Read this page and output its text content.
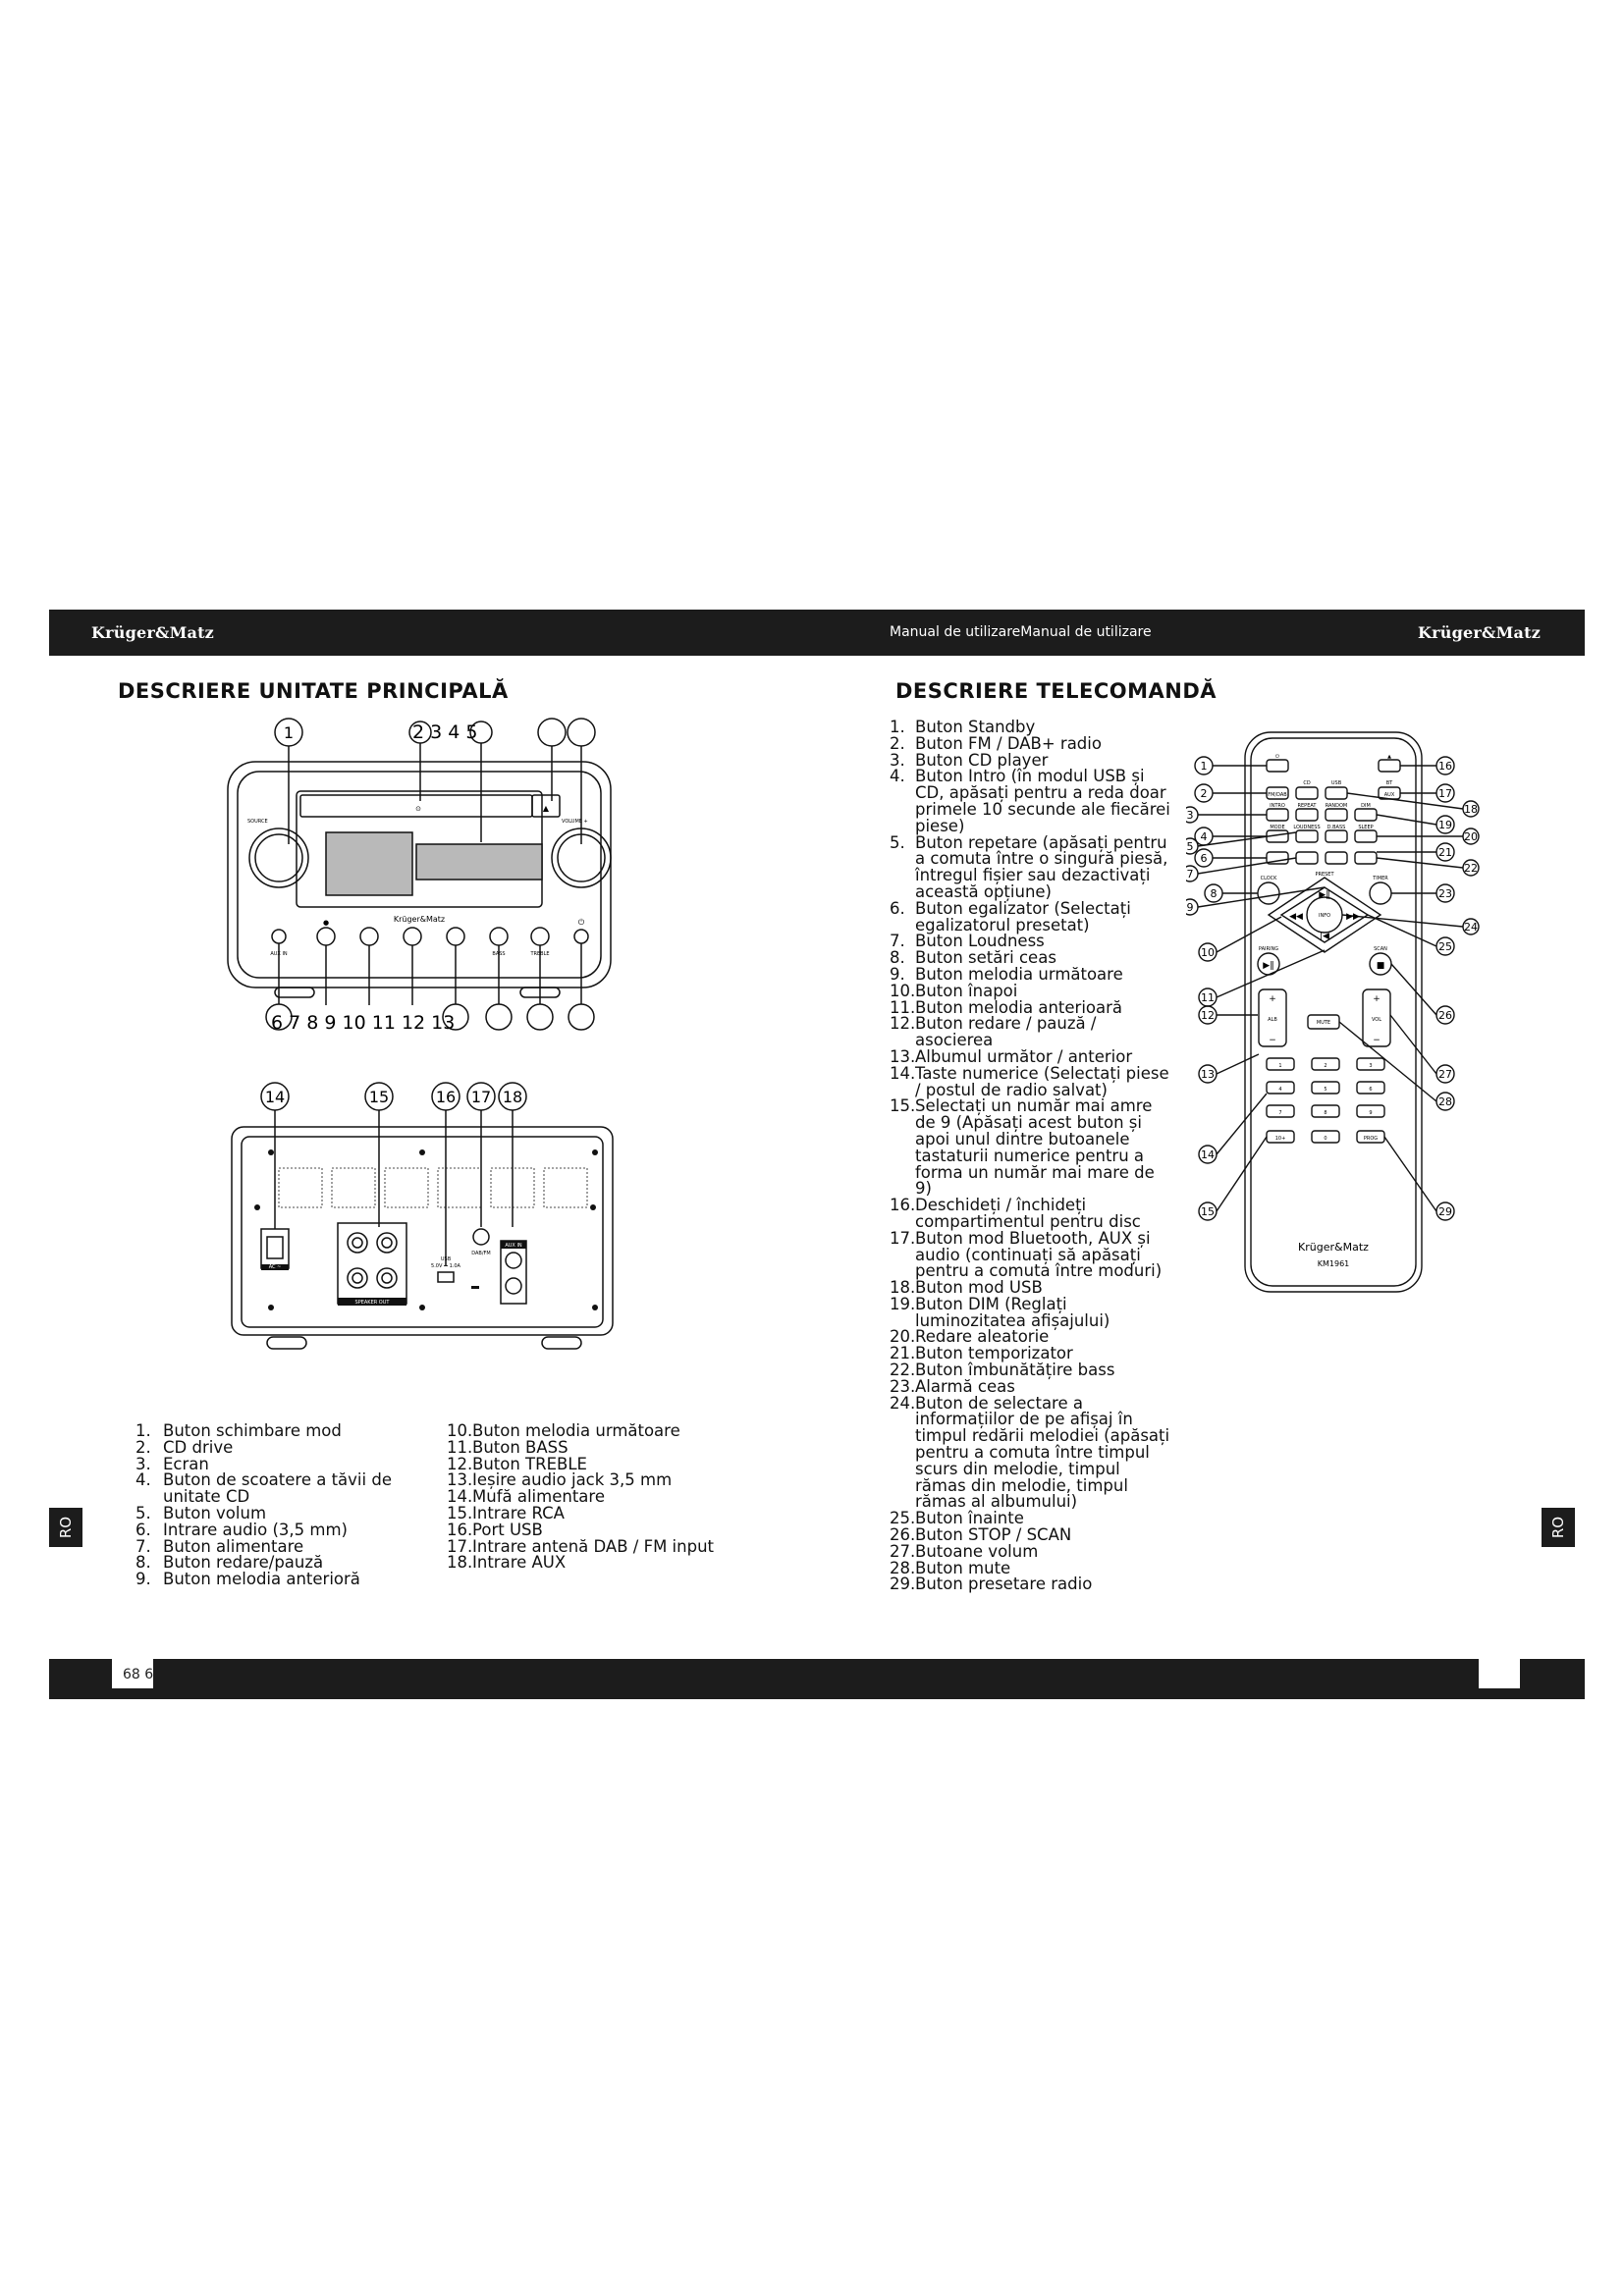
Krüger&Matz	Manual de utilizareManual de utilizare	Krüger&Matz
DESCRIERE UNITATE PRINCIPALĂ	DESCRIERE TELECOMANDĂ
1	2 3 4 5
6 7 8 9 10 11 12 13
SOURCE	VOLUME +
Krüger&Matz
AUX IN	BASS	TREBLE
⊙	▲
●	⏻
14	15	16 17 18
AC ~
SPEAKER OUT
USB
5.0V ⎓ 1.0A
DAB/FM
AUX IN
1
2
3
4
5
6
7
8
9
10
11
12
13
14
15
16
17
18
19
20
21
22
23
24
25
26
27
28
29
⏻	▲
FM/DAB
CD	USB	BT
AUX
INTRO	REPEAT RANDOM	DIM
MODE LOUDNESS D.BASS	SLEEP
CLOCK
PRESET
TIMER
INFO
PAIRING	SCAN
ALB	VOL
MUTE
1	2	3
4	5	6
7	8	9
10+	0	PROG
▶‖
|◀
◀◀	▶▶
▶‖	■
+
−
+
−
Krüger&Matz
KM1961
1. Buton schimbare mod
2. CD drive
3. Ecran
4. Buton de scoatere a tăvii de unitate CD
5. Buton volum
6. Intrare audio (3,5 mm)
7. Buton alimentare
8. Buton redare/pauză
9. Buton melodia anterioră
10. Buton melodia următoare
11. Buton BASS
12. Buton TREBLE
13. Ieșire audio jack 3,5 mm
14. Mufă alimentare
15. Intrare RCA
16. Port USB
17. Intrare antenă DAB / FM input
18. Intrare AUX
1. Buton Standby
2. Buton FM / DAB+ radio
3. Buton CD player
4. Buton Intro (în modul USB și CD, apăsați pentru a reda doar primele 10 secunde ale fiecărei piese)
5. Buton repetare (apăsați pentru a comuta între o singură piesă, întregul fișier sau dezactivați această opțiune)
6. Buton egalizator (Selectați egalizatorul presetat)
7. Buton Loudness
8. Buton setări ceas
9. Buton melodia următoare
10. Buton înapoi
11. Buton melodia anterioară
12. Buton redare / pauză / asocierea
13. Albumul următor / anterior
14. Taste numerice (Selectați piese / postul de radio salvat)
15. Selectați un număr mai amre de 9 (Apăsați acest buton și apoi unul dintre butoanele tastaturii numerice pentru a forma un număr mai mare de 9)
16. Deschideți / închideți compartimentul pentru disc
17. Buton mod Bluetooth, AUX și audio (continuați să apăsați pentru a comuta între moduri)
18. Buton mod USB
19. Buton DIM (Reglați luminozitatea afișajului)
20. Redare aleatorie
21. Buton temporizator
22. Buton îmbunătățire bass
23. Alarmă ceas
24. Buton de selectare a informațiilor de pe afișaj în timpul redării melodiei (apăsați pentru a comuta între timpul scurs din melodie, timpul rămas din melodie, timpul rămas al albumului)
25. Buton înainte
26. Buton STOP / SCAN
27. Butoane volum
28. Buton mute
29. Buton presetare radio
RO	RO
68 6
